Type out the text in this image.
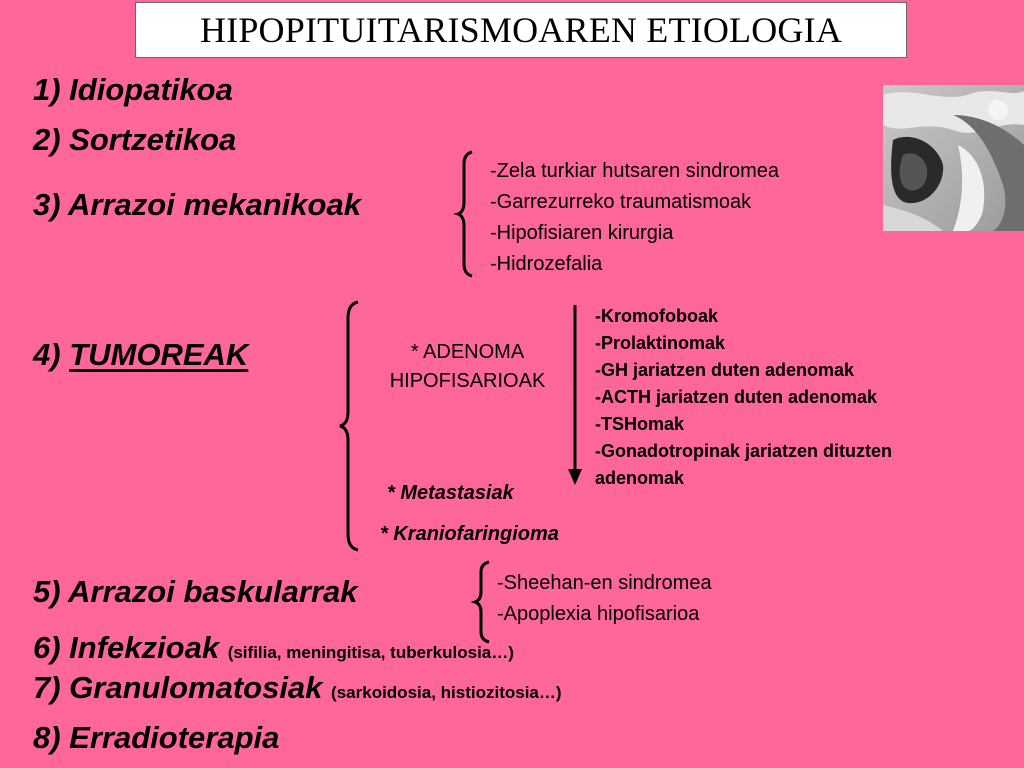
HIPOPITUITARISMOAREN ETIOLOGIA
1) Idiopatikoa
2) Sortzetikoa
3) Arrazoi mekanikoak
-Zela turkiar hutsaren sindromea
-Garrezurreko traumatismoak
-Hipofisiaren kirurgia
-Hidrozefalia
4) TUMOREAK	* ADENOMA
HIPOFISARIOAK
-Kromofoboak
-Prolaktinomak
-GH jariatzen duten adenomak
-ACTH jariatzen duten adenomak
-TSHomak
-Gonadotropinak jariatzen dituzten
adenomak
* Metastasiak
* Kraniofaringioma
5) Arrazoi baskularrak	-Sheehan-en sindromea
-Apoplexia hipofisarioa
6) Infekzioak (sifilia, meningitisa, tuberkulosia…)
7) Granulomatosiak (sarkoidosia, histiozitosia…)
8) Erradioterapia
